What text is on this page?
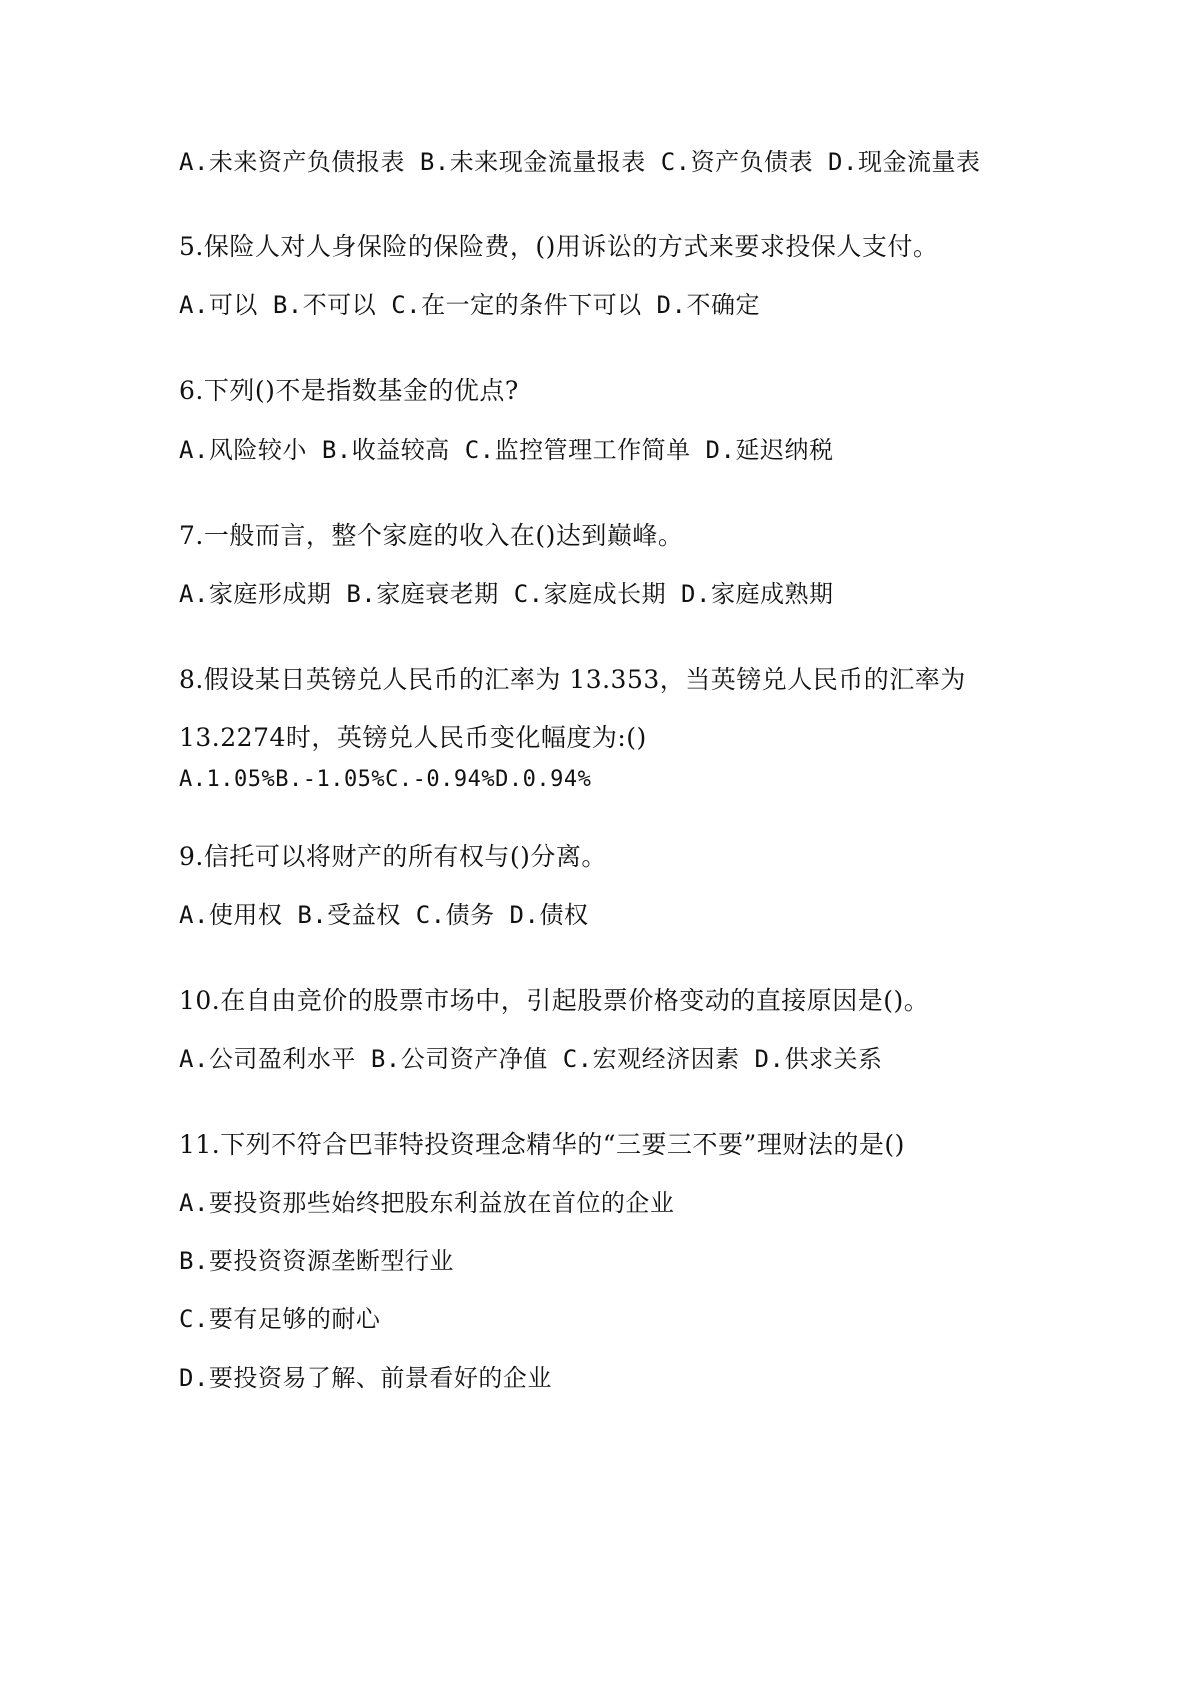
A.未来资产负债报表 B.未来现金流量报表 C.资产负债表 D.现金流量表
5.保险人对人身保险的保险费，()用诉讼的方式来要求投保人支付。
A.可以 B.不可以 C.在一定的条件下可以 D.不确定
6.下列()不是指数基金的优点?
A.风险较小 B.收益较高 C.监控管理工作简单 D.延迟纳税
7.一般而言，整个家庭的收入在()达到巅峰。
A.家庭形成期 B.家庭衰老期 C.家庭成长期 D.家庭成熟期
8.假设某日英镑兑人民币的汇率为 13.353，当英镑兑人民币的汇率为
13.2274时，英镑兑人民币变化幅度为:()
A.1.05%B.-1.05%C.-0.94%D.0.94%
9.信托可以将财产的所有权与()分离。
A.使用权 B.受益权 C.债务 D.债权
10.在自由竞价的股票市场中，引起股票价格变动的直接原因是()。
A.公司盈利水平 B.公司资产净值 C.宏观经济因素 D.供求关系
11.下列不符合巴菲特投资理念精华的“三要三不要”理财法的是()
A.要投资那些始终把股东利益放在首位的企业
B.要投资资源垄断型行业
C.要有足够的耐心
D.要投资易了解、前景看好的企业
